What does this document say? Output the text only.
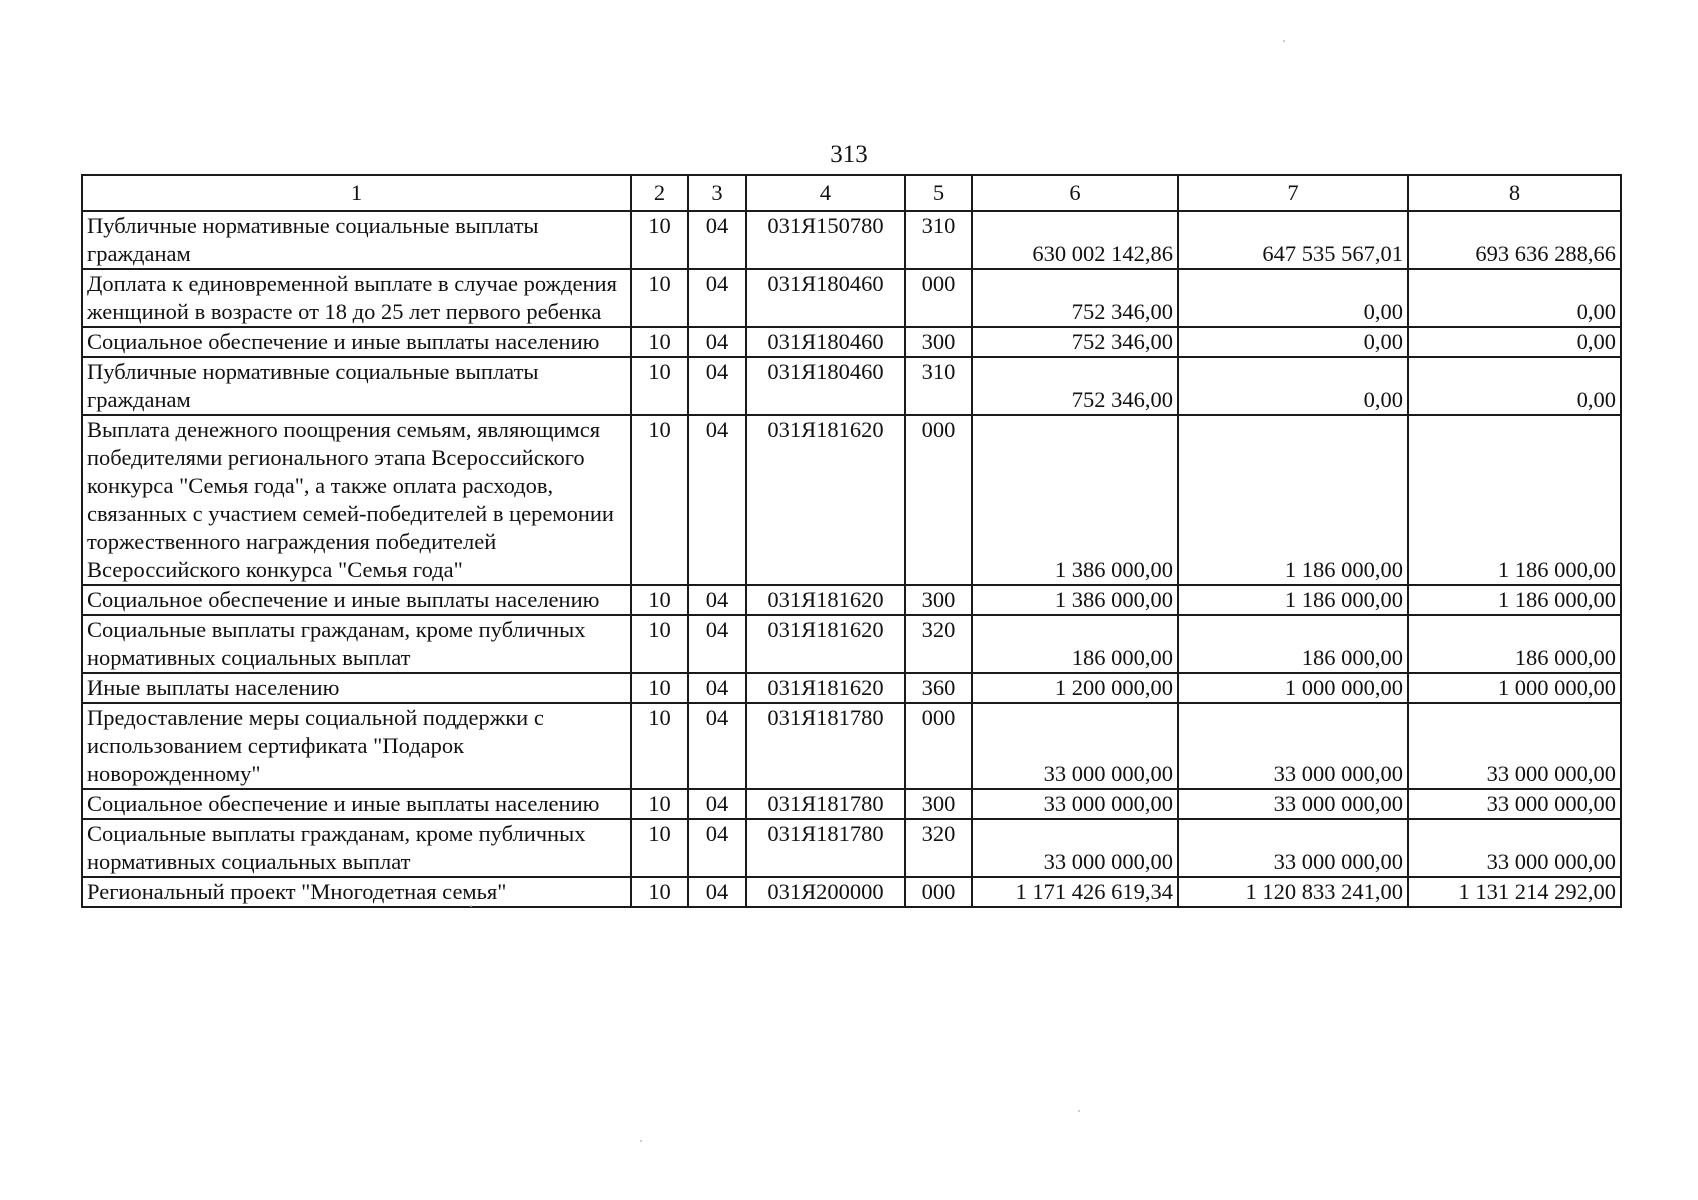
313
1	2	3	4	5	6	7	8
Публичные нормативные социальные выплаты гражданам	10	04	031Я150780	310	630 002 142,86	647 535 567,01	693 636 288,66
Доплата к единовременной выплате в случае рождения женщиной в возрасте от 18 до 25 лет первого ребенка	10	04	031Я180460	000	752 346,00	0,00	0,00
Социальное обеспечение и иные выплаты населению	10	04	031Я180460	300	752 346,00	0,00	0,00
Публичные нормативные социальные выплаты гражданам	10	04	031Я180460	310	752 346,00	0,00	0,00
Выплата денежного поощрения семьям, являющимся победителями регионального этапа Всероссийского конкурса "Семья года", а также оплата расходов, связанных с участием семей-победителей в церемонии торжественного награждения победителей Всероссийского конкурса "Семья года"	10	04	031Я181620	000	1 386 000,00	1 186 000,00	1 186 000,00
Социальное обеспечение и иные выплаты населению	10	04	031Я181620	300	1 386 000,00	1 186 000,00	1 186 000,00
Социальные выплаты гражданам, кроме публичных нормативных социальных выплат	10	04	031Я181620	320	186 000,00	186 000,00	186 000,00
Иные выплаты населению	10	04	031Я181620	360	1 200 000,00	1 000 000,00	1 000 000,00
Предоставление меры социальной поддержки с использованием сертификата "Подарок новорожденному"	10	04	031Я181780	000	33 000 000,00	33 000 000,00	33 000 000,00
Социальное обеспечение и иные выплаты населению	10	04	031Я181780	300	33 000 000,00	33 000 000,00	33 000 000,00
Социальные выплаты гражданам, кроме публичных нормативных социальных выплат	10	04	031Я181780	320	33 000 000,00	33 000 000,00	33 000 000,00
Региональный проект "Многодетная семья"	10	04	031Я200000	000	1 171 426 619,34	1 120 833 241,00	1 131 214 292,00
